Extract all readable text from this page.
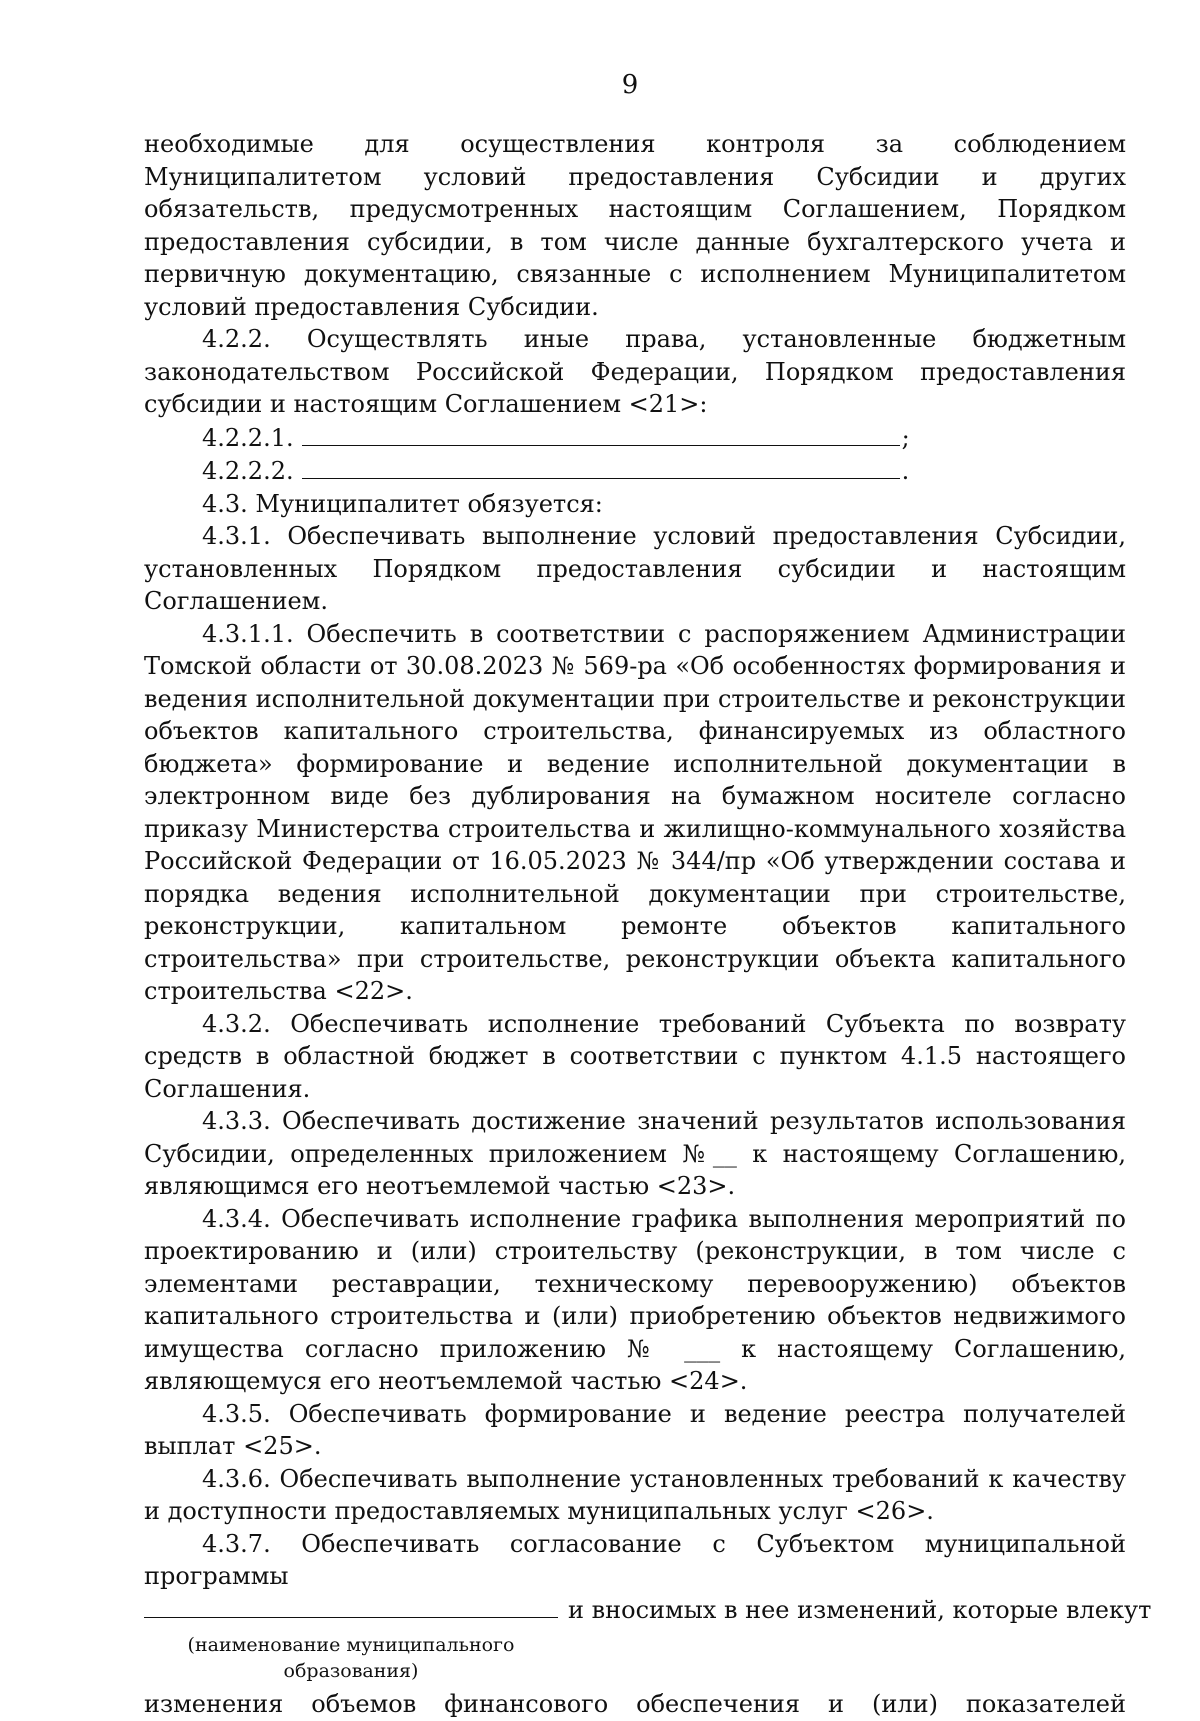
9

необходимые для осуществления контроля за соблюдением Муниципалитетом условий предоставления Субсидии и других обязательств, предусмотренных настоящим Соглашением, Порядком предоставления субсидии, в том числе данные бухгалтерского учета и первичную документацию, связанные с исполнением Муниципалитетом условий предоставления Субсидии.

4.2.2. Осуществлять иные права, установленные бюджетным законодательством Российской Федерации, Порядком предоставления субсидии и настоящим Соглашением <21>:

4.2.2.1.	;

4.2.2.2.	.

4.3. Муниципалитет обязуется:

4.3.1. Обеспечивать выполнение условий предоставления Субсидии, установленных Порядком предоставления субсидии и настоящим Соглашением.

4.3.1.1. Обеспечить в соответствии с распоряжением Администрации Томской области от 30.08.2023 № 569-ра «Об особенностях формирования и ведения исполнительной документации при строительстве и реконструкции объектов капитального строительства, финансируемых из областного бюджета» формирование и ведение исполнительной документации в электронном виде без дублирования на бумажном носителе согласно приказу Министерства строительства и жилищно-коммунального хозяйства Российской Федерации от 16.05.2023 № 344/пр «Об утверждении состава и порядка ведения исполнительной документации при строительстве, реконструкции, капитальном ремонте объектов капитального строительства» при строительстве, реконструкции объекта капитального строительства <22>.

4.3.2. Обеспечивать исполнение требований Субъекта по возврату средств в областной бюджет в соответствии с пунктом 4.1.5 настоящего Соглашения.

4.3.3. Обеспечивать достижение значений результатов использования Субсидии, определенных приложением №__ к настоящему Соглашению, являющимся его неотъемлемой частью <23>.

4.3.4. Обеспечивать исполнение графика выполнения мероприятий по проектированию и (или) строительству (реконструкции, в том числе с элементами реставрации, техническому перевооружению) объектов капитального строительства и (или) приобретению объектов недвижимого имущества согласно приложению № ___ к настоящему Соглашению, являющемуся его неотъемлемой частью <24>.

4.3.5. Обеспечивать формирование и ведение реестра получателей выплат <25>.

4.3.6. Обеспечивать выполнение установленных требований к качеству и доступности предоставляемых муниципальных услуг <26>.

4.3.7. Обеспечивать согласование с Субъектом муниципальной программы

и вносимых в нее изменений, которые влекут

(наименование муниципального образования)

изменения объемов финансового обеспечения и (или) показателей
